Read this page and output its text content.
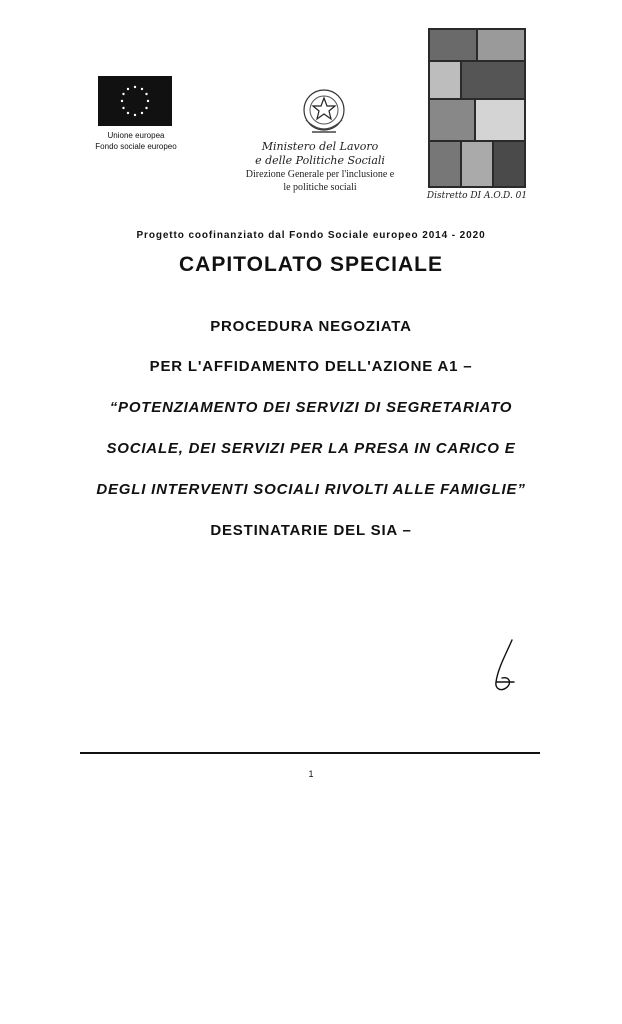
Unione europea
Fondo sociale europeo	Ministero del Lavoro
e delle Politiche Sociali
Direzione Generale per l'inclusione e
le politiche sociali
Distretto DI A.O.D. 01
Progetto coofinanziato dal Fondo Sociale europeo 2014 - 2020
CAPITOLATO SPECIALE
PROCEDURA NEGOZIATA
PER L'AFFIDAMENTO DELL'AZIONE A1 –
“POTENZIAMENTO DEI SERVIZI DI SEGRETARIATO
SOCIALE, DEI SERVIZI PER LA PRESA IN CARICO E
DEGLI INTERVENTI SOCIALI RIVOLTI ALLE FAMIGLIE”
DESTINATARIE DEL SIA –
1
